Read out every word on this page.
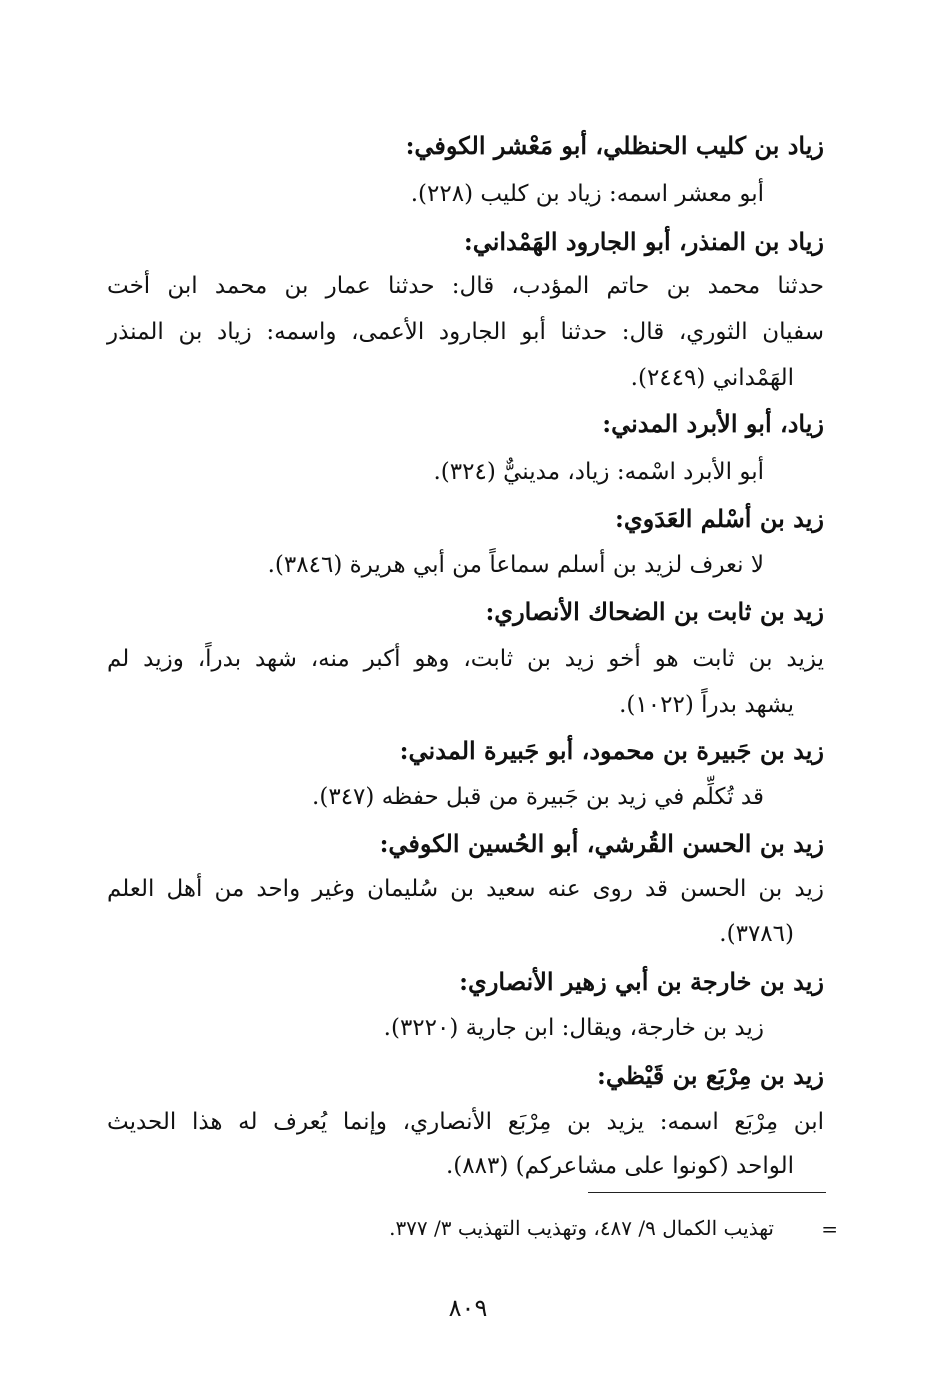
زياد بن كليب الحنظلي، أبو مَعْشر الكوفي:
أبو معشر اسمه: زياد بن كليب (٢٢٨).
زياد بن المنذر، أبو الجارود الهَمْداني:
حدثنا محمد بن حاتم المؤدب، قال: حدثنا عمار بن محمد ابن أخت
سفيان الثوري، قال: حدثنا أبو الجارود الأعمى، واسمه: زياد بن المنذر
الهَمْداني (٢٤٤٩).
زياد، أبو الأبرد المدني:
أبو الأبرد اسْمه: زياد، مدينيٌّ (٣٢٤).
زيد بن أسْلم العَدَوي:
لا نعرف لزيد بن أسلم سماعاً من أبي هريرة (٣٨٤٦).
زيد بن ثابت بن الضحاك الأنصاري:
يزيد بن ثابت هو أخو زيد بن ثابت، وهو أكبر منه، شهد بدراً، وزيد لم
يشهد بدراً (١٠٢٢).
زيد بن جَبيرة بن محمود، أبو جَبيرة المدني:
قد تُكلِّم في زيد بن جَبيرة من قبل حفظه (٣٤٧).
زيد بن الحسن القُرشي، أبو الحُسين الكوفي:
زيد بن الحسن قد روى عنه سعيد بن سُليمان وغير واحد من أهل العلم
(٣٧٨٦).
زيد بن خارجة بن أبي زهير الأنصاري:
زيد بن خارجة، ويقال: ابن جارية (٣٢٢٠).
زيد بن مِرْبَع بن قَيْظي:
ابن مِرْبَع اسمه: يزيد بن مِرْبَع الأنصاري، وإنما يُعرف له هذا الحديث
الواحد (كونوا على مشاعركم) (٨٨٣).
=
تهذيب الكمال ٩/ ٤٨٧، وتهذيب التهذيب ٣/ ٣٧٧.
٨٠٩
